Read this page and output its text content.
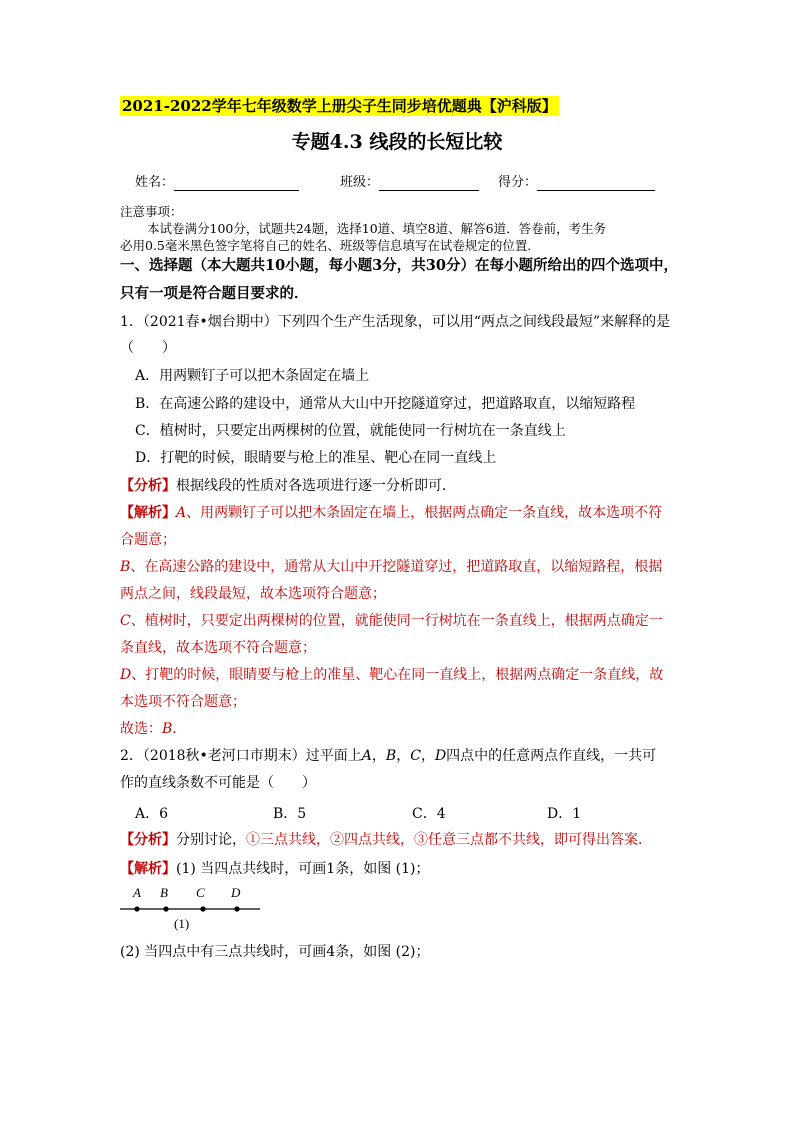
2021-2022学年七年级数学上册尖子生同步培优题典【沪科版】
专题4.3 线段的长短比较
姓名：	班级：	得分：
注意事项：
本试卷满分100分，试题共24题，选择10道、填空8道、解答6道．答卷前，考生务
必用0.5毫米黑色签字笔将自己的姓名、班级等信息填写在试卷规定的位置．
一、选择题（本大题共10小题，每小题3分，共30分）在每小题所给出的四个选项中，
只有一项是符合题目要求的．
1．（2021春•烟台期中）下列四个生产生活现象，可以用“两点之间线段最短”来解释的是
（　　）
A．用两颗钉子可以把木条固定在墙上
B．在高速公路的建设中，通常从大山中开挖隧道穿过，把道路取直，以缩短路程
C．植树时，只要定出两棵树的位置，就能使同一行树坑在一条直线上
D．打靶的时候，眼睛要与枪上的准星、靶心在同一直线上
【分析】根据线段的性质对各选项进行逐一分析即可．
【解析】A、用两颗钉子可以把木条固定在墙上，根据两点确定一条直线，故本选项不符
合题意；
B、在高速公路的建设中，通常从大山中开挖隧道穿过，把道路取直，以缩短路程，根据
两点之间，线段最短，故本选项符合题意；
C、植树时，只要定出两棵树的位置，就能使同一行树坑在一条直线上，根据两点确定一
条直线，故本选项不符合题意；
D、打靶的时候，眼睛要与枪上的准星、靶心在同一直线上，根据两点确定一条直线，故
本选项不符合题意；
故选：B．
2．（2018秋•老河口市期末）过平面上A，B，C，D四点中的任意两点作直线，一共可
作的直线条数不可能是（　　）
A．6	B．5	C．4	D．1
【分析】分别讨论，①三点共线，②四点共线，③任意三点都不共线，即可得出答案．
【解析】(1) 当四点共线时，可画1条，如图 (1)；
A B C D
(1)
(2) 当四点中有三点共线时，可画4条，如图 (2)；
